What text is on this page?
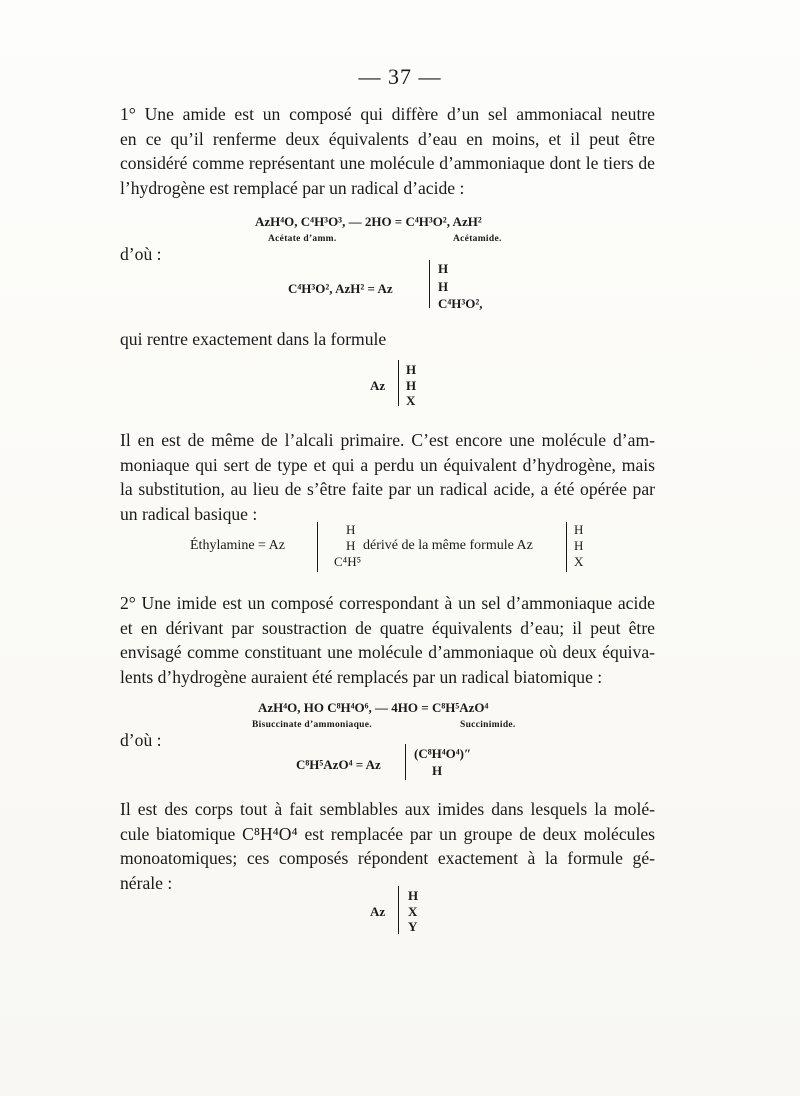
— 37 —
1° Une amide est un composé qui diffère d’un sel ammoniacal neutre
en ce qu’il renferme deux équivalents d’eau en moins, et il peut être
considéré comme représentant une molécule d’ammoniaque dont le tiers de
l’hydrogène est remplacé par un radical d’acide :
AzH⁴O, C⁴H³O³, — 2HO = C⁴H³O², AzH²
Acétate d’amm.	Acétamide.
d’où :
C⁴H³O², AzH² = Az
H
H
C⁴H³O²,
qui rentre exactement dans la formule
Az
H
H
X
Il en est de même de l’alcali primaire. C’est encore une molécule d’am-
moniaque qui sert de type et qui a perdu un équivalent d’hydrogène, mais
la substitution, au lieu de s’être faite par un radical acide, a été opérée par
un radical basique :
Éthylamine = Az
H
H
C⁴H⁵
dérivé de la même formule Az
H
H
X
2° Une imide est un composé correspondant à un sel d’ammoniaque acide
et en dérivant par soustraction de quatre équivalents d’eau; il peut être
envisagé comme constituant une molécule d’ammoniaque où deux équiva-
lents d’hydrogène auraient été remplacés par un radical biatomique :
AzH⁴O, HO C⁸H⁴O⁶, — 4HO = C⁸H⁵AzO⁴
Bisuccinate d’ammoniaque.	Succinimide.
d’où :
C⁸H⁵AzO⁴ = Az
(C⁸H⁴O⁴)″
H
Il est des corps tout à fait semblables aux imides dans lesquels la molé-
cule biatomique C⁸H⁴O⁴ est remplacée par un groupe de deux molécules
monoatomiques; ces composés répondent exactement à la formule gé-
nérale :
Az
H
X
Y
